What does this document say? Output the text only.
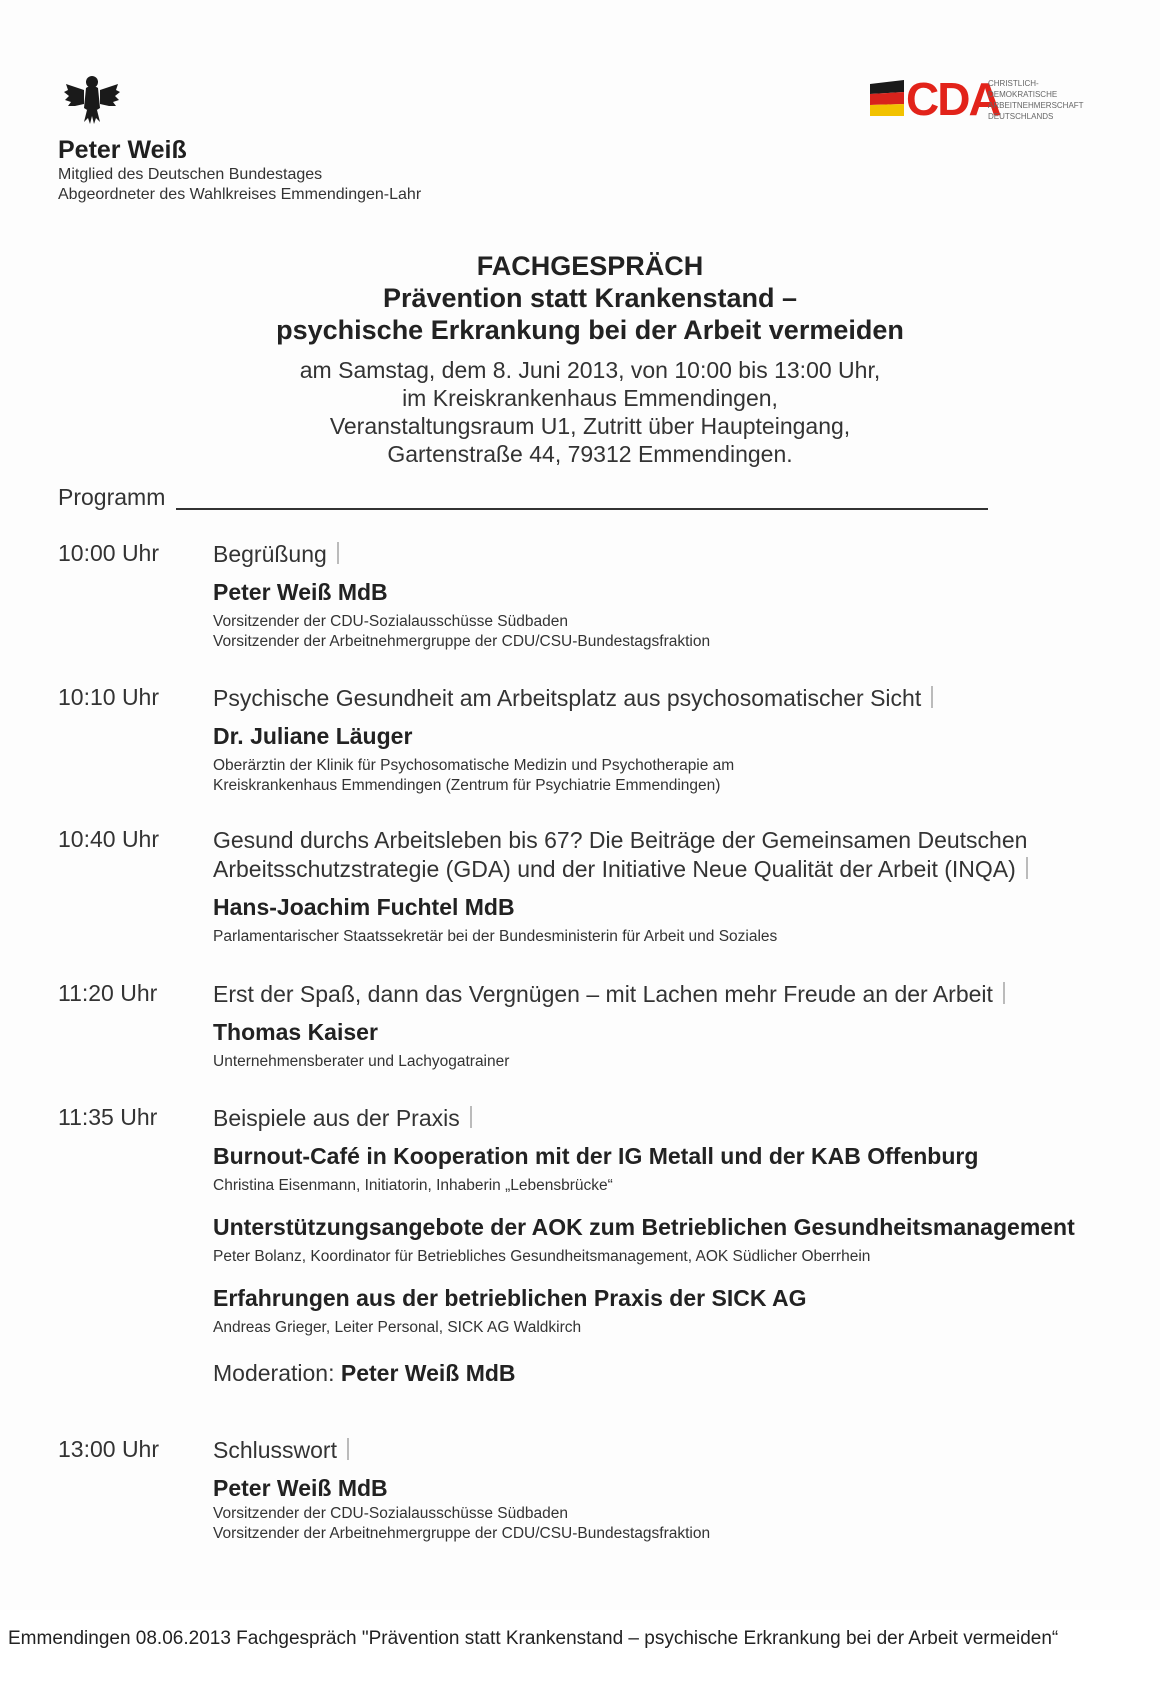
Peter Weiß
Mitglied des Deutschen Bundestages
Abgeordneter des Wahlkreises Emmendingen-Lahr
CDA
CHRISTLICH-DEMOKRATISCHE
ARBEITNEHMERSCHAFT
DEUTSCHLANDS
FACHGESPRÄCH
Prävention statt Krankenstand –
psychische Erkrankung bei der Arbeit vermeiden
am Samstag, dem 8. Juni 2013, von 10:00 bis 13:00 Uhr,
im Kreiskrankenhaus Emmendingen,
Veranstaltungsraum U1, Zutritt über Haupteingang,
Gartenstraße 44, 79312 Emmendingen.
Programm
10:00 Uhr Begrüßung
Peter Weiß MdB
Vorsitzender der CDU-Sozialausschüsse Südbaden
Vorsitzender der Arbeitnehmergruppe der CDU/CSU-Bundestagsfraktion
10:10 Uhr Psychische Gesundheit am Arbeitsplatz aus psychosomatischer Sicht
Dr. Juliane Läuger
Oberärztin der Klinik für Psychosomatische Medizin und Psychotherapie am
Kreiskrankenhaus Emmendingen (Zentrum für Psychiatrie Emmendingen)
10:40 Uhr Gesund durchs Arbeitsleben bis 67? Die Beiträge der Gemeinsamen Deutschen
Arbeitsschutzstrategie (GDA) und der Initiative Neue Qualität der Arbeit (INQA)
Hans-Joachim Fuchtel MdB
Parlamentarischer Staatssekretär bei der Bundesministerin für Arbeit und Soziales
11:20 Uhr Erst der Spaß, dann das Vergnügen – mit Lachen mehr Freude an der Arbeit
Thomas Kaiser
Unternehmensberater und Lachyogatrainer
11:35 Uhr Beispiele aus der Praxis
Burnout-Café in Kooperation mit der IG Metall und der KAB Offenburg
Christina Eisenmann, Initiatorin, Inhaberin „Lebensbrücke“
Unterstützungsangebote der AOK zum Betrieblichen Gesundheitsmanagement
Peter Bolanz, Koordinator für Betriebliches Gesundheitsmanagement, AOK Südlicher Oberrhein
Erfahrungen aus der betrieblichen Praxis der SICK AG
Andreas Grieger, Leiter Personal, SICK AG Waldkirch
Moderation: Peter Weiß MdB
13:00 Uhr Schlusswort
Peter Weiß MdB
Vorsitzender der CDU-Sozialausschüsse Südbaden
Vorsitzender der Arbeitnehmergruppe der CDU/CSU-Bundestagsfraktion
Emmendingen 08.06.2013 Fachgespräch "Prävention statt Krankenstand – psychische Erkrankung bei der Arbeit vermeiden“
